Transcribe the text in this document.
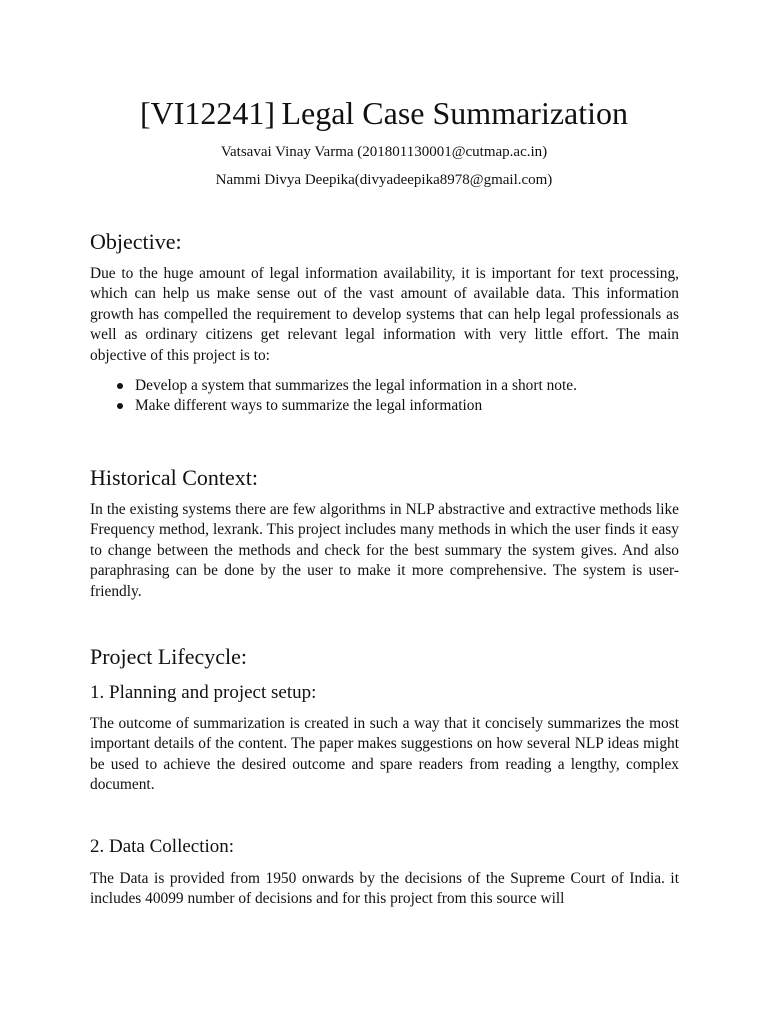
[VI12241] Legal Case Summarization

Vatsavai Vinay Varma (201801130001@cutmap.ac.in)

Nammi Divya Deepika(divyadeepika8978@gmail.com)

Objective:

Due to the huge amount of legal information availability, it is important for text processing, which can help us make sense out of the vast amount of available data. This information growth has compelled the requirement to develop systems that can help legal professionals as well as ordinary citizens get relevant legal information with very little effort. The main objective of this project is to:

Develop a system that summarizes the legal information in a short note.
Make different ways to summarize the legal information
Historical Context:

In the existing systems there are few algorithms in NLP abstractive and extractive methods like Frequency method, lexrank. This project includes many methods in which the user finds it easy to change between the methods and check for the best summary the system gives. And also paraphrasing can be done by the user to make it more comprehensive. The system is user-friendly.

Project Lifecycle:
1. Planning and project setup:

The outcome of summarization is created in such a way that it concisely summarizes the most important details of the content. The paper makes suggestions on how several NLP ideas might be used to achieve the desired outcome and spare readers from reading a lengthy, complex document.

2. Data Collection:

The Data is provided from 1950 onwards by the decisions of the Supreme Court of India. it includes 40099 number of decisions and for this project from this source will
